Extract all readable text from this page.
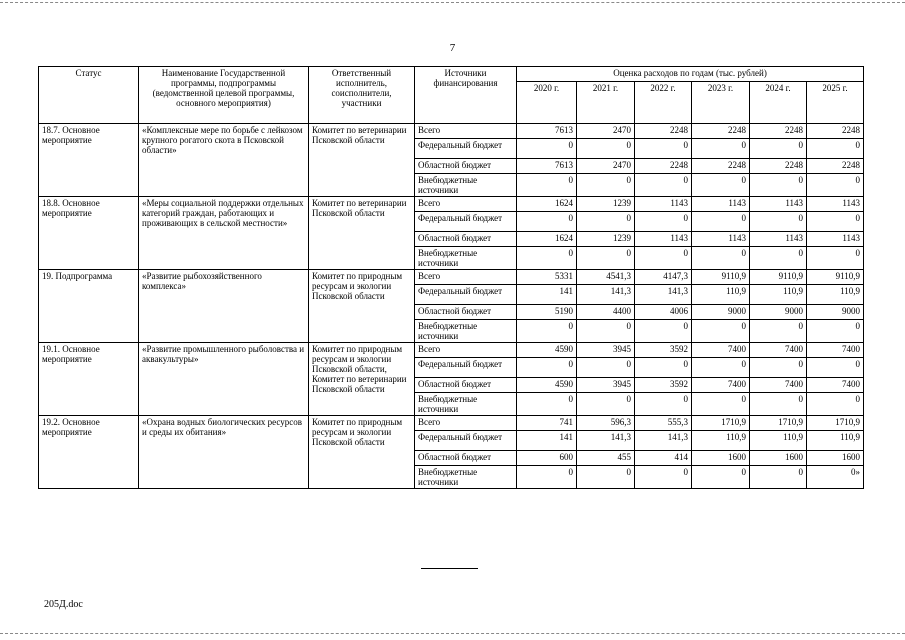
7
Статус	Наименование Государственной программы, подпрограммы (ведомственной целевой программы, основного мероприятия)	Ответственный исполнитель, соисполнители, участники	Источники финансирования	Оценка расходов по годам (тыс. рублей)					
				2020 г.	2021 г.	2022 г.	2023 г.	2024 г.	2025 г.
18.7. Основное мероприятие	«Комплексные мере по борьбе с лейкозом крупного рогатого скота в Псковской области»	Комитет по ветеринарии Псковской области	Всего	7613	2470	2248	2248	2248	2248
			Федеральный бюджет	0	0	0	0	0	0
			Областной бюджет	7613	2470	2248	2248	2248	2248
			Внебюджетные источники	0	0	0	0	0	0
18.8. Основное мероприятие	«Меры социальной поддержки отдельных категорий граждан, работающих и проживающих в сельской местности»	Комитет по ветеринарии Псковской области	Всего	1624	1239	1143	1143	1143	1143
			Федеральный бюджет	0	0	0	0	0	0
			Областной бюджет	1624	1239	1143	1143	1143	1143
			Внебюджетные источники	0	0	0	0	0	0
19. Подпрограмма	«Развитие рыбохозяйственного комплекса»	Комитет по природным ресурсам и экологии Псковской области	Всего	5331	4541,3	4147,3	9110,9	9110,9	9110,9
			Федеральный бюджет	141	141,3	141,3	110,9	110,9	110,9
			Областной бюджет	5190	4400	4006	9000	9000	9000
			Внебюджетные источники	0	0	0	0	0	0
19.1. Основное мероприятие	«Развитие промышленного рыболовства и аквакультуры»	Комитет по природным ресурсам и экологии Псковской области, Комитет по ветеринарии Псковской области	Всего	4590	3945	3592	7400	7400	7400
			Федеральный бюджет	0	0	0	0	0	0
			Областной бюджет	4590	3945	3592	7400	7400	7400
			Внебюджетные источники	0	0	0	0	0	0
19.2. Основное мероприятие	«Охрана водных биологических ресурсов и среды их обитания»	Комитет по природным ресурсам и экологии Псковской области	Всего	741	596,3	555,3	1710,9	1710,9	1710,9
			Федеральный бюджет	141	141,3	141,3	110,9	110,9	110,9
			Областной бюджет	600	455	414	1600	1600	1600
			Внебюджетные источники	0	0	0	0	0	0»
205Д.doc
